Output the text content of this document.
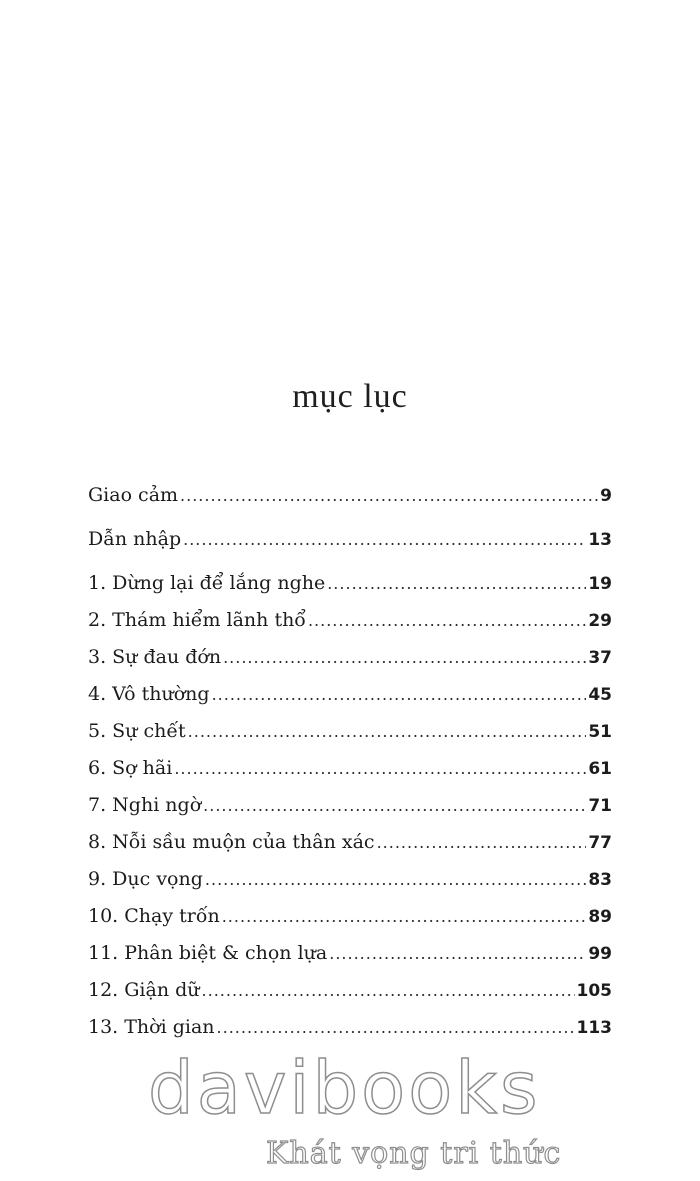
mục lục
Giao cảm .....	9
Dẫn nhập .....	13
1. Dừng lại để lắng nghe .....	19
2. Thám hiểm lãnh thổ .....	29
3. Sự đau đớn .....	37
4. Vô thường .....	45
5. Sự chết .....	51
6. Sợ hãi .....	61
7. Nghi ngờ .....	71
8. Nỗi sầu muộn của thân xác .....	77
9. Dục vọng .....	83
10. Chạy trốn .....	89
11. Phân biệt & chọn lựa .....	99
12. Giận dữ .....	105
13. Thời gian .....	113
davibooks
Khát vọng tri thức
